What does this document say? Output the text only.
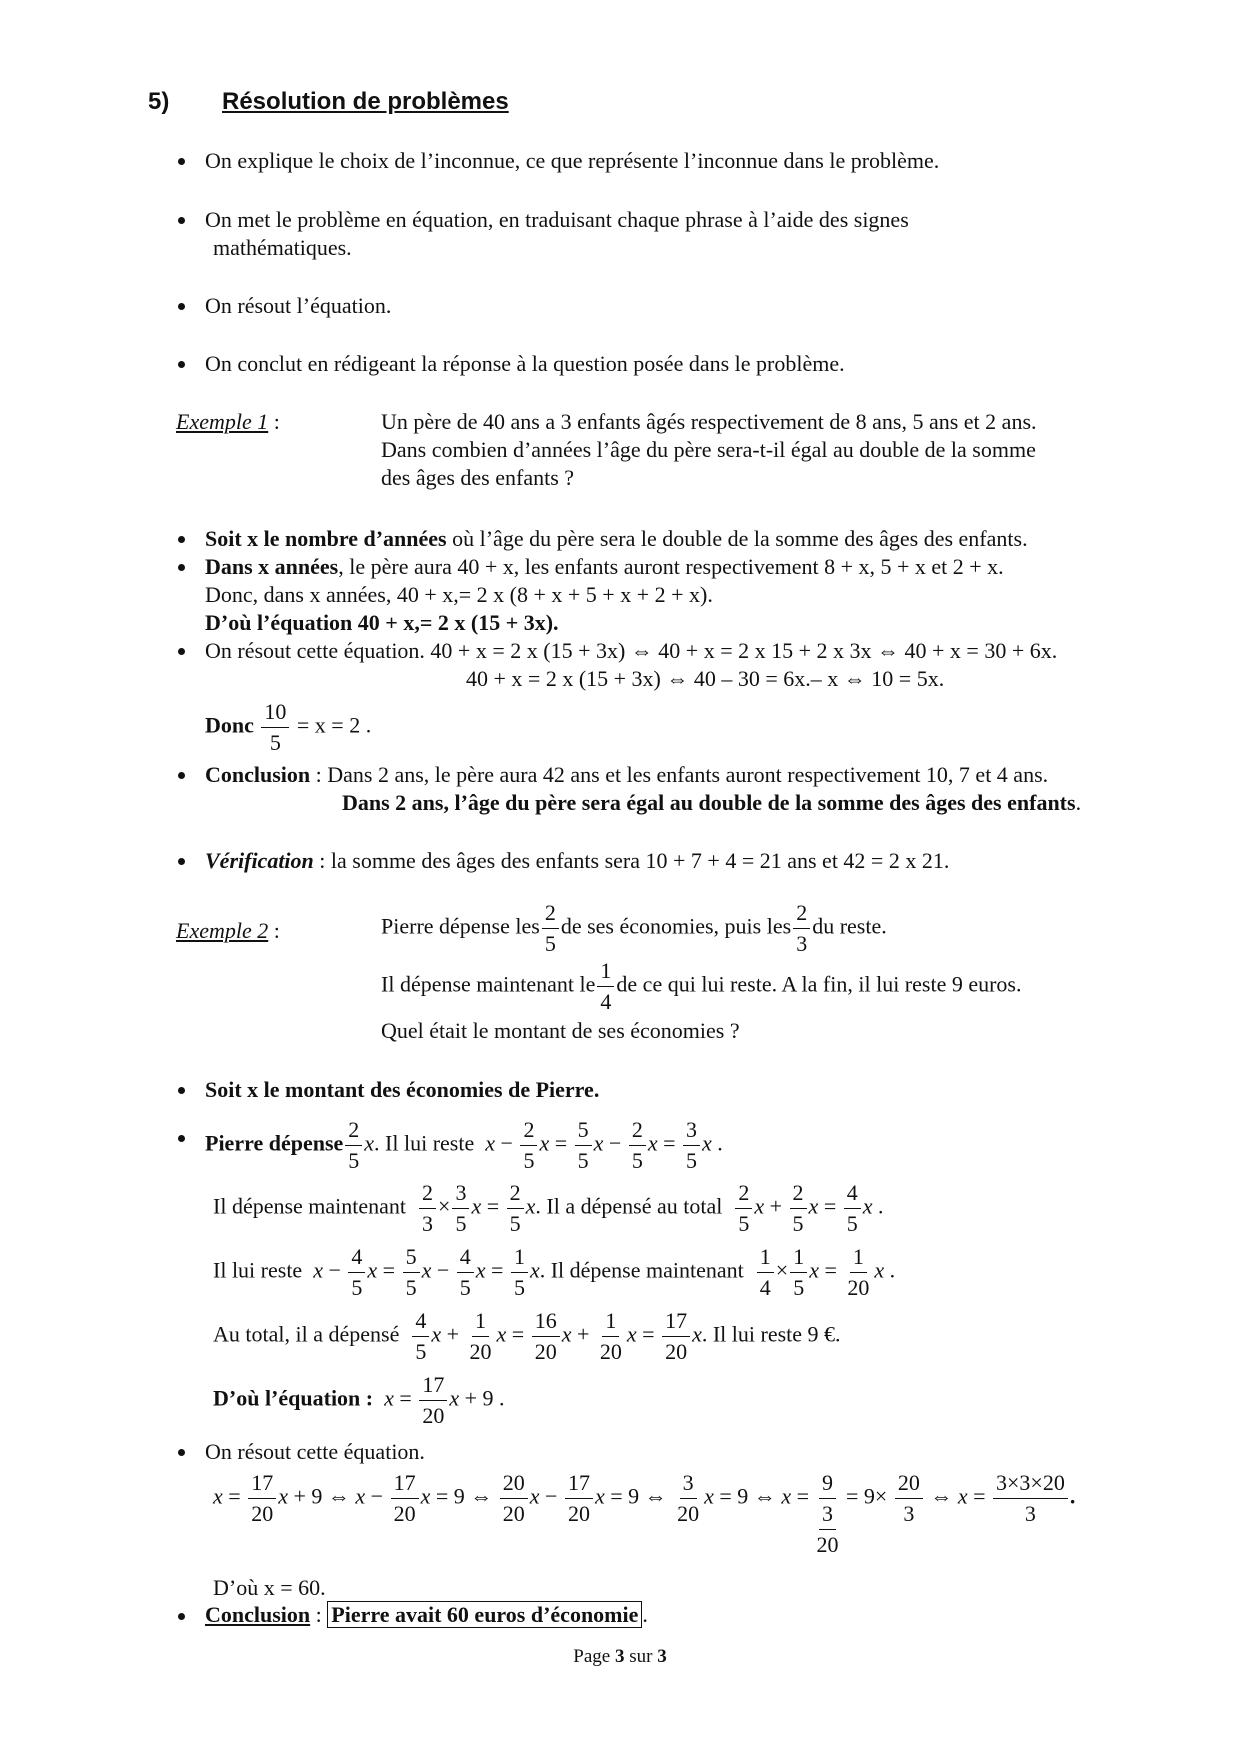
5) Résolution de problèmes
On explique le choix de l’inconnue, ce que représente l’inconnue dans le problème.
On met le problème en équation, en traduisant chaque phrase à l’aide des signes
mathématiques.
On résout l’équation.
On conclut en rédigeant la réponse à la question posée dans le problème.
Exemple 1 :	Un père de 40 ans a 3 enfants âgés respectivement de 8 ans, 5 ans et 2 ans.
Dans combien d’années l’âge du père sera-t-il égal au double de la somme
des âges des enfants ?
Soit x le nombre d’années où l’âge du père sera le double de la somme des âges des enfants.
Dans x années, le père aura 40 + x, les enfants auront respectivement 8 + x, 5 + x et 2 + x.
Donc, dans x années, 40 + x,= 2 x (8 + x + 5 + x + 2 + x).
D’où l’équation 40 + x,= 2 x (15 + 3x).
On résout cette équation. 40 + x = 2 x (15 + 3x) ⇔ 40 + x = 2 x 15 + 2 x 3x ⇔ 40 + x = 30 + 6x.
40 + x = 2 x (15 + 3x) ⇔ 40 – 30 = 6x.– x ⇔ 10 = 5x.
Donc $\frac{10}{5} = x = 2$ .
Conclusion : Dans 2 ans, le père aura 42 ans et les enfants auront respectivement 10, 7 et 4 ans.
Dans 2 ans, l’âge du père sera égal au double de la somme des âges des enfants.
Vérification : la somme des âges des enfants sera 10 + 7 + 4 = 21 ans et 42 = 2 x 21.
Exemple 2 :	Pierre dépense les $\frac{2}{5}$ de ses économies, puis les $\frac{2}{3}$ du reste.
Il dépense maintenant le $\frac{1}{4}$ de ce qui lui reste. A la fin, il lui reste 9 euros.
Quel était le montant de ses économies ?
Soit x le montant des économies de Pierre.
Pierre dépense $\frac{2}{5} x$. Il lui reste $x - \frac{2}{5}$ $x = \frac{5}{5}$ $x - \frac{2}{5}$ $x = \frac{3}{5}$ x .
Il dépense maintenant $\frac{2}{3} \times \frac{3}{5}$ $x = \frac{2}{5} x$. Il a dépensé au total $\frac{2}{5}$ $x + \frac{2}{5}$ $x = \frac{4}{5}$ x .
Il lui reste $x - \frac{4}{5}$ $x = \frac{5}{5}$ $x - \frac{4}{5}$ $x = \frac{1}{5} x$. Il dépense maintenant $\frac{1}{4} \times \frac{1}{5}$ $x = \frac{1}{20}$ x .
Au total, il a dépensé $\frac{4}{5}$ $x + \frac{1}{20}$ $x = \frac{16}{20}$ $x + \frac{1}{20}$ $x = \frac{17}{20} x$. Il lui reste 9 €.
D’où l’équation : $x = \frac{17}{20}$ x + 9 .
On résout cette équation.
$x = \frac{17}{20}$ x + 9 ⇔ $x - \frac{17}{20}$ x = 9 ⇔ $\frac{20}{20}$ $x - \frac{17}{20}$ x = 9 ⇔ $\frac{3}{20}$ x = 9 ⇔ x = 9
3
$20 = 9\times \frac{20}{3}$ ⇔ $x = \frac{3\times 3\times 20}{3}$ .
D’où x = 60.
Conclusion : Pierre avait 60 euros d’économie .
Page 3 sur 3
